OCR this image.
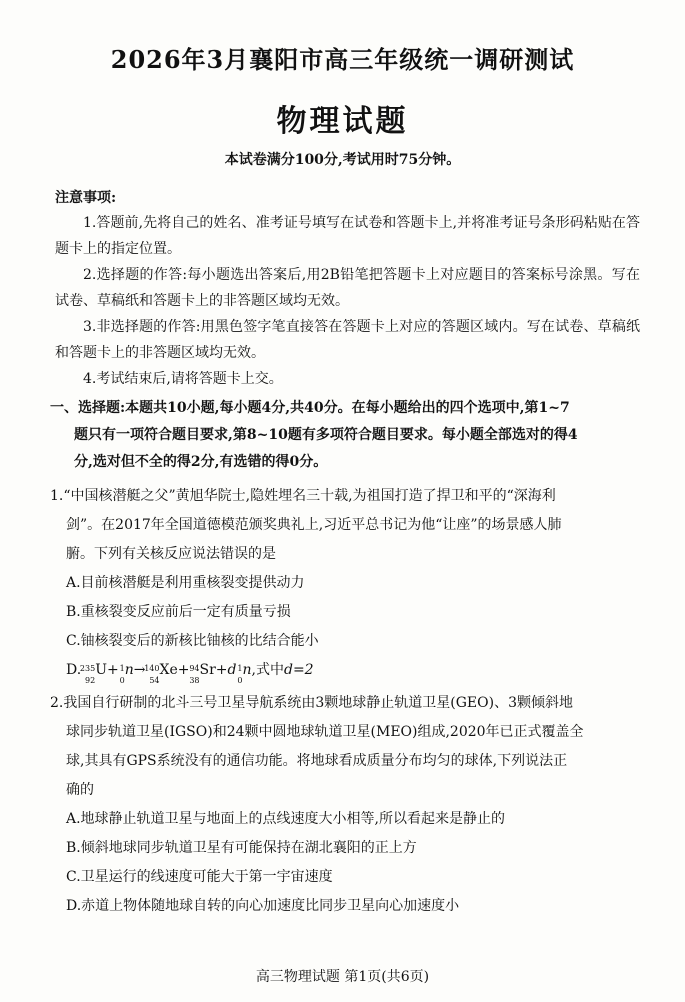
2026年3月襄阳市高三年级统一调研测试
物理试题
本试卷满分100分,考试用时75分钟。
注意事项:

1.答题前,先将自己的姓名、准考证号填写在试卷和答题卡上,并将准考证号条形码粘贴在答题卡上的指定位置。

2.选择题的作答:每小题选出答案后,用2B铅笔把答题卡上对应题目的答案标号涂黑。写在试卷、草稿纸和答题卡上的非答题区域均无效。

3.非选择题的作答:用黑色签字笔直接答在答题卡上对应的答题区域内。写在试卷、草稿纸和答题卡上的非答题区域均无效。

4.考试结束后,请将答题卡上交。

一、选择题:本题共10小题,每小题4分,共40分。在每小题给出的四个选项中,第1~7

题只有一项符合题目要求,第8~10题有多项符合题目要求。每小题全部选对的得4

分,选对但不全的得2分,有选错的得0分。

1.“中国核潜艇之父”黄旭华院士,隐姓埋名三十载,为祖国打造了捍卫和平的“深海利

剑”。在2017年全国道德模范颁奖典礼上,习近平总书记为他“让座”的场景感人肺

腑。下列有关核反应说法错误的是

A.目前核潜艇是利用重核裂变提供动力

B.重核裂变反应前后一定有质量亏损

C.铀核裂变后的新核比铀核的比结合能小

D.
235
92
U+ 1
0
n→
140
54
Xe+ 94
38
Sr+d 1
0
n,式中d=2

2.我国自行研制的北斗三号卫星导航系统由3颗地球静止轨道卫星(GEO)、3颗倾斜地

球同步轨道卫星(IGSO)和24颗中圆地球轨道卫星(MEO)组成,2020年已正式覆盖全

球,其具有GPS系统没有的通信功能。将地球看成质量分布均匀的球体,下列说法正

确的

A.地球静止轨道卫星与地面上的点线速度大小相等,所以看起来是静止的

B.倾斜地球同步轨道卫星有可能保持在湖北襄阳的正上方

C.卫星运行的线速度可能大于第一宇宙速度

D.赤道上物体随地球自转的向心加速度比同步卫星向心加速度小

高三物理试题 第1页(共6页)
